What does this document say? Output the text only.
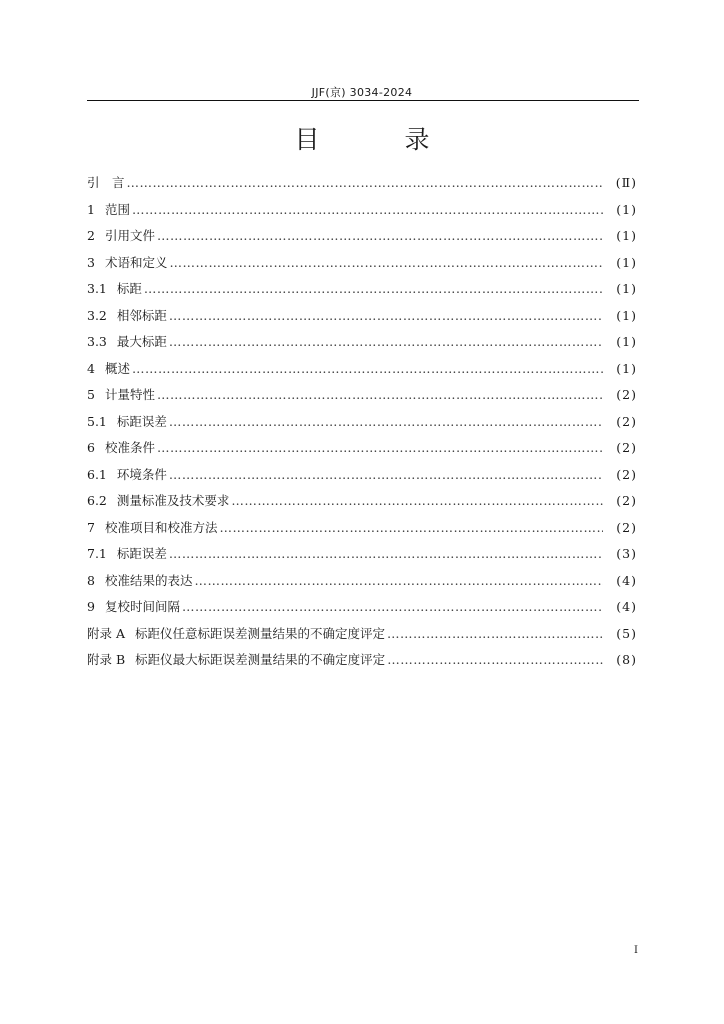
JJF(京) 3034-2024
目　录
引　言 ………………………………………………………………………………………………………………………………………………………………	(Ⅱ)
1 范围 ………………………………………………………………………………………………………………………………………………………………	(1)
2 引用文件 ………………………………………………………………………………………………………………………………………………………………	(1)
3 术语和定义 ………………………………………………………………………………………………………………………………………………………………	(1)
3.1 标距 ………………………………………………………………………………………………………………………………………………………………	(1)
3.2 相邻标距 ………………………………………………………………………………………………………………………………………………………………	(1)
3.3 最大标距 ………………………………………………………………………………………………………………………………………………………………	(1)
4 概述 ………………………………………………………………………………………………………………………………………………………………	(1)
5 计量特性 ………………………………………………………………………………………………………………………………………………………………	(2)
5.1 标距误差 ………………………………………………………………………………………………………………………………………………………………	(2)
6 校准条件 ………………………………………………………………………………………………………………………………………………………………	(2)
6.1 环境条件 ………………………………………………………………………………………………………………………………………………………………	(2)
6.2 测量标准及技术要求 ………………………………………………………………………………………………………………………………………………………………	(2)
7 校准项目和校准方法 ………………………………………………………………………………………………………………………………………………………………	(2)
7.1 标距误差 ………………………………………………………………………………………………………………………………………………………………	(3)
8 校准结果的表达 ………………………………………………………………………………………………………………………………………………………………	(4)
9 复校时间间隔 ………………………………………………………………………………………………………………………………………………………………	(4)
附录 A 标距仪任意标距误差测量结果的不确定度评定 ………………………………………………………………………………………………………………………………………………………………	(5)
附录 B 标距仪最大标距误差测量结果的不确定度评定 ………………………………………………………………………………………………………………………………………………………………	(8)
I
